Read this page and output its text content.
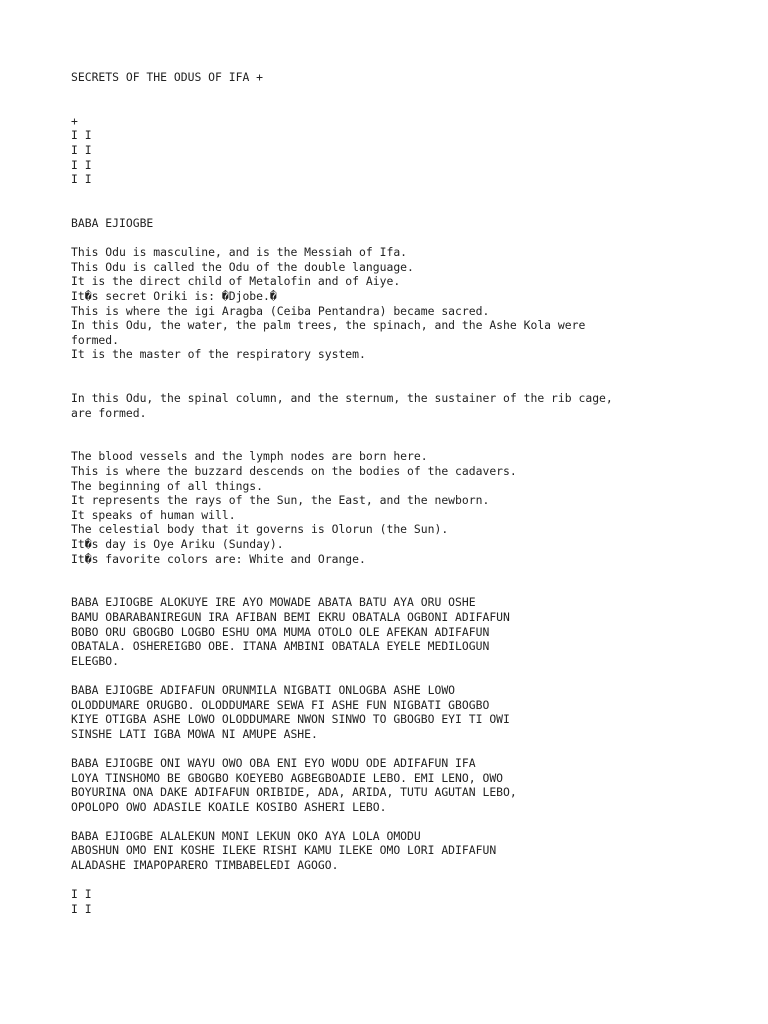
SECRETS OF THE ODUS OF IFA +
+
I I
I I
I I
I I
BABA EJIOGBE
This Odu is masculine, and is the Messiah of Ifa.
This Odu is called the Odu of the double language.
It is the direct child of Metalofin and of Aiye.
It�s secret Oriki is: �Djobe.�
This is where the igi Aragba (Ceiba Pentandra) became sacred.
In this Odu, the water, the palm trees, the spinach, and the Ashe Kola were
formed.
It is the master of the respiratory system.
In this Odu, the spinal column, and the sternum, the sustainer of the rib cage,
are formed.
The blood vessels and the lymph nodes are born here.
This is where the buzzard descends on the bodies of the cadavers.
The beginning of all things.
It represents the rays of the Sun, the East, and the newborn.
It speaks of human will.
The celestial body that it governs is Olorun (the Sun).
It�s day is Oye Ariku (Sunday).
It�s favorite colors are: White and Orange.
BABA EJIOGBE ALOKUYE IRE AYO MOWADE ABATA BATU AYA ORU OSHE
BAMU OBARABANIREGUN IRA AFIBAN BEMI EKRU OBATALA OGBONI ADIFAFUN
BOBO ORU GBOGBO LOGBO ESHU OMA MUMA OTOLO OLE AFEKAN ADIFAFUN
OBATALA. OSHEREIGBO OBE. ITANA AMBINI OBATALA EYELE MEDILOGUN
ELEGBO.
BABA EJIOGBE ADIFAFUN ORUNMILA NIGBATI ONLOGBA ASHE LOWO
OLODDUMARE ORUGBO. OLODDUMARE SEWA FI ASHE FUN NIGBATI GBOGBO
KIYE OTIGBA ASHE LOWO OLODDUMARE NWON SINWO TO GBOGBO EYI TI OWI
SINSHE LATI IGBA MOWA NI AMUPE ASHE.
BABA EJIOGBE ONI WAYU OWO OBA ENI EYO WODU ODE ADIFAFUN IFA
LOYA TINSHOMO BE GBOGBO KOEYEBO AGBEGBOADIE LEBO. EMI LENO, OWO
BOYURINA ONA DAKE ADIFAFUN ORIBIDE, ADA, ARIDA, TUTU AGUTAN LEBO,
OPOLOPO OWO ADASILE KOAILE KOSIBO ASHERI LEBO.
BABA EJIOGBE ALALEKUN MONI LEKUN OKO AYA LOLA OMODU
ABOSHUN OMO ENI KOSHE ILEKE RISHI KAMU ILEKE OMO LORI ADIFAFUN
ALADASHE IMAPOPARERO TIMBABELEDI AGOGO.
I I
I I
